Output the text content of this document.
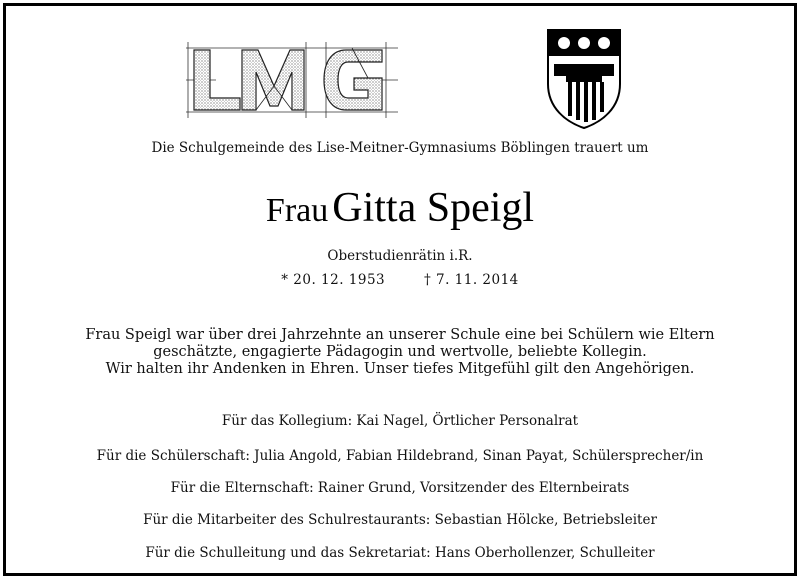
Die Schulgemeinde des Lise-Meitner-Gymnasiums Böblingen trauert um
Frau Gitta Speigl
Oberstudienrätin i.R.
* 20. 12. 1953	† 7. 11. 2014
Frau Speigl war über drei Jahrzehnte an unserer Schule eine bei Schülern wie Eltern
geschätzte, engagierte Pädagogin und wertvolle, beliebte Kollegin.
Wir halten ihr Andenken in Ehren. Unser tiefes Mitgefühl gilt den Angehörigen.
Für das Kollegium: Kai Nagel, Örtlicher Personalrat
Für die Schülerschaft: Julia Angold, Fabian Hildebrand, Sinan Payat, Schülersprecher/in
Für die Elternschaft: Rainer Grund, Vorsitzender des Elternbeirats
Für die Mitarbeiter des Schulrestaurants: Sebastian Hölcke, Betriebsleiter
Für die Schulleitung und das Sekretariat: Hans Oberhollenzer, Schulleiter
